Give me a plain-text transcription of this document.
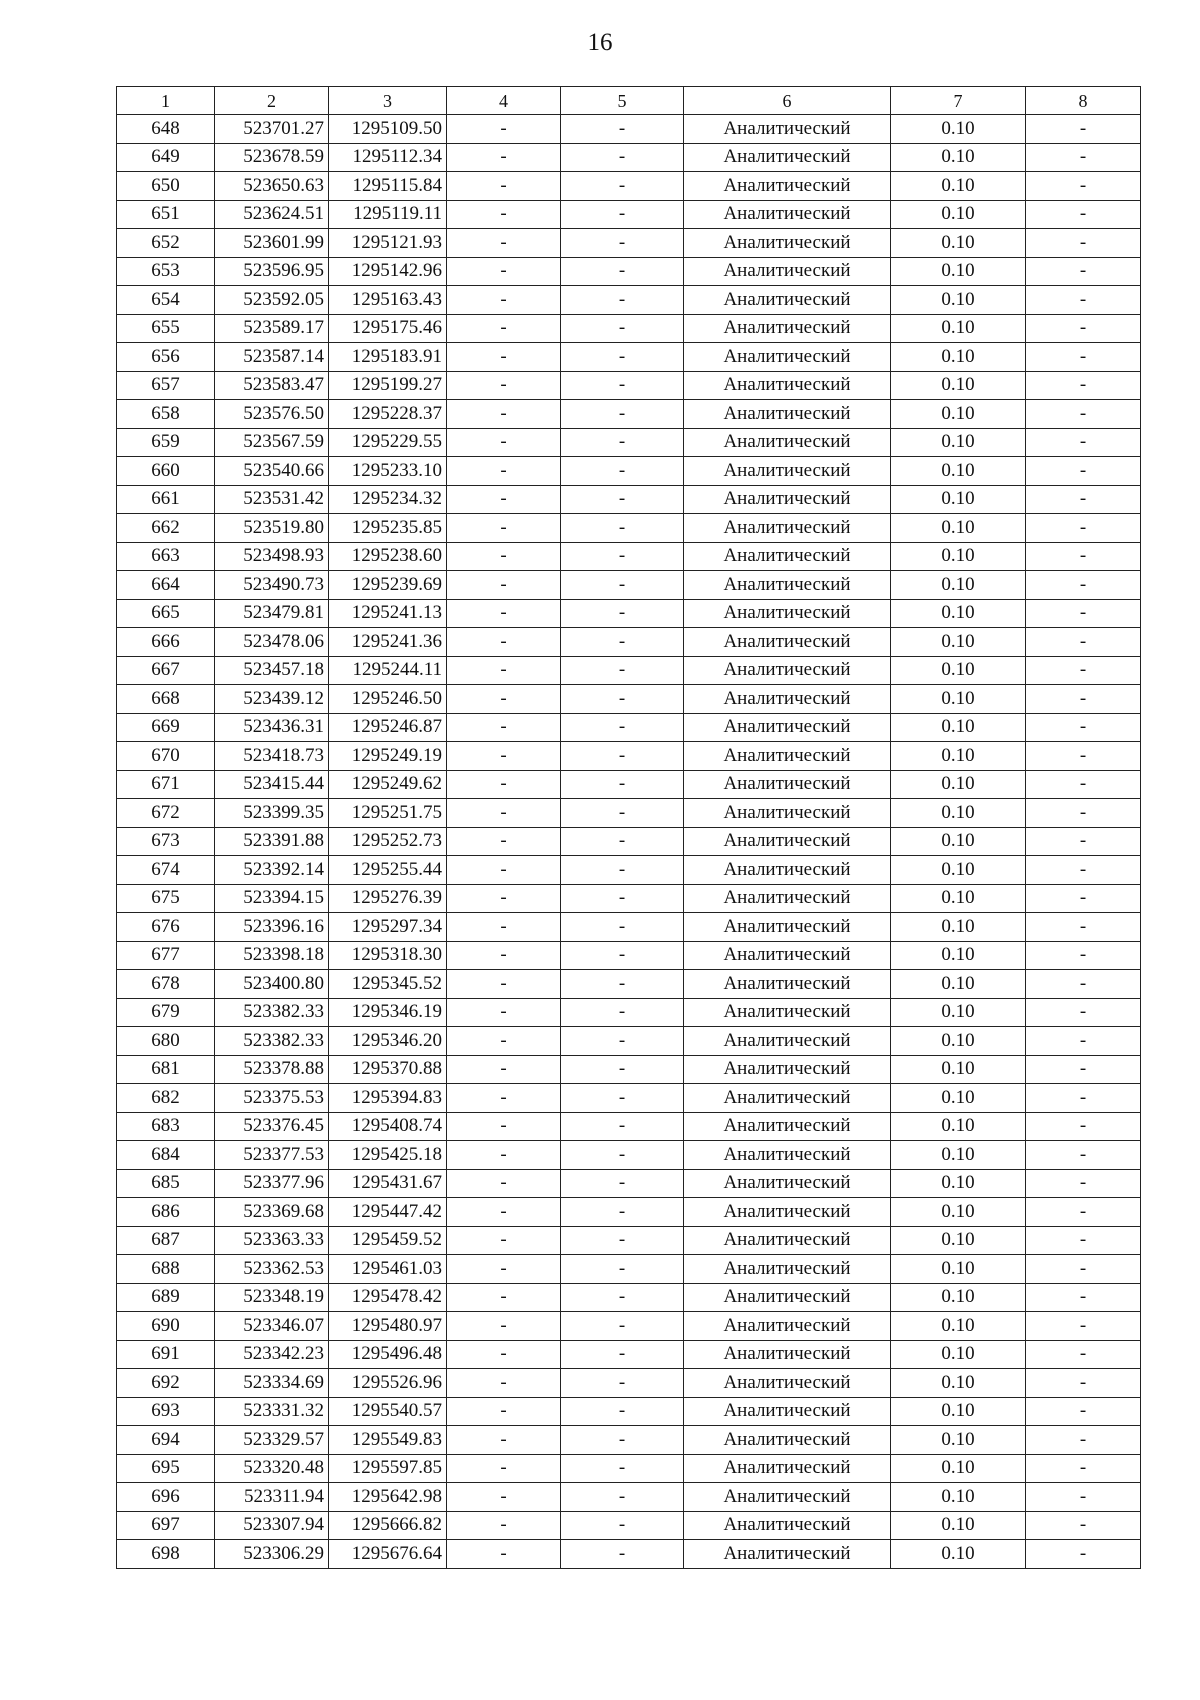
16
1	2	3	4	5	6	7	8
648	523701.27	1295109.50	-	-	Аналитический	0.10	-
649	523678.59	1295112.34	-	-	Аналитический	0.10	-
650	523650.63	1295115.84	-	-	Аналитический	0.10	-
651	523624.51	1295119.11	-	-	Аналитический	0.10	-
652	523601.99	1295121.93	-	-	Аналитический	0.10	-
653	523596.95	1295142.96	-	-	Аналитический	0.10	-
654	523592.05	1295163.43	-	-	Аналитический	0.10	-
655	523589.17	1295175.46	-	-	Аналитический	0.10	-
656	523587.14	1295183.91	-	-	Аналитический	0.10	-
657	523583.47	1295199.27	-	-	Аналитический	0.10	-
658	523576.50	1295228.37	-	-	Аналитический	0.10	-
659	523567.59	1295229.55	-	-	Аналитический	0.10	-
660	523540.66	1295233.10	-	-	Аналитический	0.10	-
661	523531.42	1295234.32	-	-	Аналитический	0.10	-
662	523519.80	1295235.85	-	-	Аналитический	0.10	-
663	523498.93	1295238.60	-	-	Аналитический	0.10	-
664	523490.73	1295239.69	-	-	Аналитический	0.10	-
665	523479.81	1295241.13	-	-	Аналитический	0.10	-
666	523478.06	1295241.36	-	-	Аналитический	0.10	-
667	523457.18	1295244.11	-	-	Аналитический	0.10	-
668	523439.12	1295246.50	-	-	Аналитический	0.10	-
669	523436.31	1295246.87	-	-	Аналитический	0.10	-
670	523418.73	1295249.19	-	-	Аналитический	0.10	-
671	523415.44	1295249.62	-	-	Аналитический	0.10	-
672	523399.35	1295251.75	-	-	Аналитический	0.10	-
673	523391.88	1295252.73	-	-	Аналитический	0.10	-
674	523392.14	1295255.44	-	-	Аналитический	0.10	-
675	523394.15	1295276.39	-	-	Аналитический	0.10	-
676	523396.16	1295297.34	-	-	Аналитический	0.10	-
677	523398.18	1295318.30	-	-	Аналитический	0.10	-
678	523400.80	1295345.52	-	-	Аналитический	0.10	-
679	523382.33	1295346.19	-	-	Аналитический	0.10	-
680	523382.33	1295346.20	-	-	Аналитический	0.10	-
681	523378.88	1295370.88	-	-	Аналитический	0.10	-
682	523375.53	1295394.83	-	-	Аналитический	0.10	-
683	523376.45	1295408.74	-	-	Аналитический	0.10	-
684	523377.53	1295425.18	-	-	Аналитический	0.10	-
685	523377.96	1295431.67	-	-	Аналитический	0.10	-
686	523369.68	1295447.42	-	-	Аналитический	0.10	-
687	523363.33	1295459.52	-	-	Аналитический	0.10	-
688	523362.53	1295461.03	-	-	Аналитический	0.10	-
689	523348.19	1295478.42	-	-	Аналитический	0.10	-
690	523346.07	1295480.97	-	-	Аналитический	0.10	-
691	523342.23	1295496.48	-	-	Аналитический	0.10	-
692	523334.69	1295526.96	-	-	Аналитический	0.10	-
693	523331.32	1295540.57	-	-	Аналитический	0.10	-
694	523329.57	1295549.83	-	-	Аналитический	0.10	-
695	523320.48	1295597.85	-	-	Аналитический	0.10	-
696	523311.94	1295642.98	-	-	Аналитический	0.10	-
697	523307.94	1295666.82	-	-	Аналитический	0.10	-
698	523306.29	1295676.64	-	-	Аналитический	0.10	-
